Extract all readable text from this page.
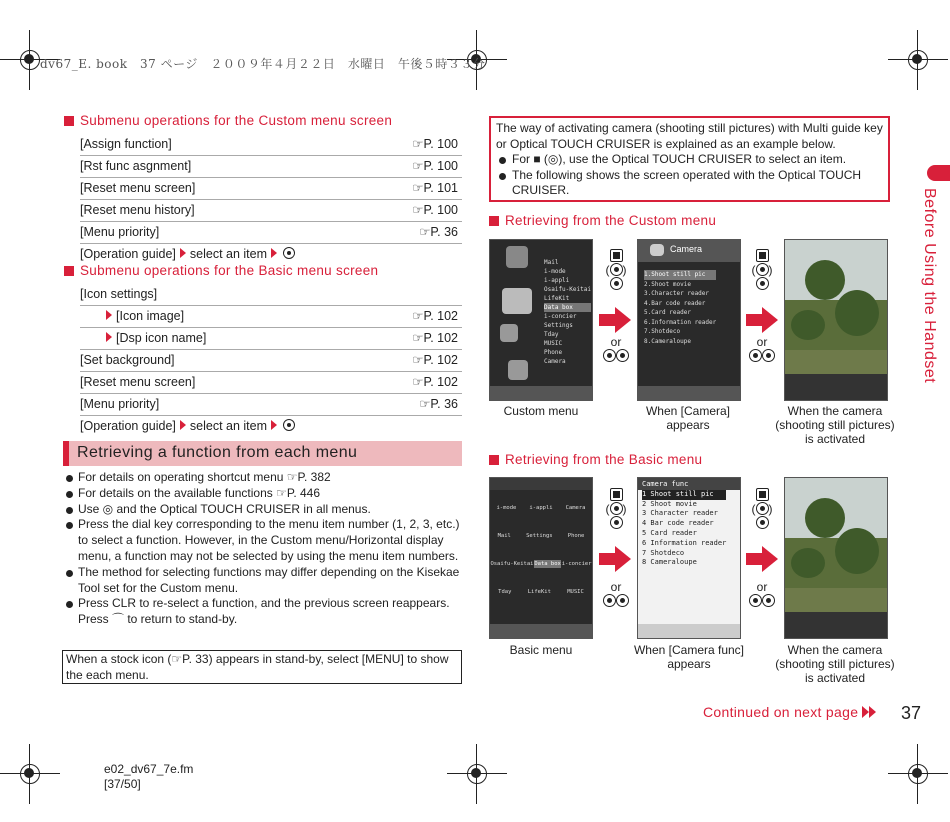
dv67_E. book　37 ページ　２００９年４月２２日　水曜日　午後５時３３分
Submenu operations for the Custom menu screen
[Assign function]	☞P. 100
[Rst func asgnment]	☞P. 100
[Reset menu screen]	☞P. 101
[Reset menu history]	☞P. 100
[Menu priority]	☞P. 36
[Operation guide] select an item
Submenu operations for the Basic menu screen
[Icon settings]
[Icon image]	☞P. 102
[Dsp icon name]	☞P. 102
[Set background]	☞P. 102
[Reset menu screen]	☞P. 102
[Menu priority]	☞P. 36
[Operation guide] select an item
Retrieving a function from each menu
For details on operating shortcut menu ☞P. 382
For details on the available functions ☞P. 446
Use ◎ and the Optical TOUCH CRUISER in all menus.
Press the dial key corresponding to the menu item number (1, 2, 3, etc.) to select a function. However, in the Custom menu/Horizontal display menu, a function may not be selected by using the menu item numbers.
The method for selecting functions may differ depending on the Kisekae Tool set for the Custom menu.
Press CLR to re-select a function, and the previous screen reappears. Press ⌒ to return to stand-by.
When a stock icon (☞P. 33) appears in stand-by, select [MENU] to show the each menu.
The way of activating camera (shooting still pictures) with Multi guide key or Optical TOUCH CRUISER is explained as an example below.
For ■ (◎), use the Optical TOUCH CRUISER to select an item.
The following shows the screen operated with the Optical TOUCH CRUISER.	Before Using the Handset
Retrieving from the Custom menu
Mail
i-mode
i-appli
Osaifu-Keitai
LifeKit
Data box
i-concier
Settings
Tday
MUSIC
Phone
Camera
Camera
1.Shoot still pic
2.Shoot movie
3.Character reader
4.Bar code reader
5.Card reader
6.Information reader
7.Shotdeco
8.Cameraloupe

( )

or

( )

or

Custom menu	When [Camera] appears
When the camera (shooting still pictures) is activated
Retrieving from the Basic menu
i-mode i-appli Camera
Mail	Settings	Phone
Osaifu-Keitai Data box i-concier
Tday	LifeKit	MUSIC
Camera func
1 Shoot still pic
2 Shoot movie
3 Character reader
4 Bar code reader
5 Card reader
6 Information reader
7 Shotdeco
8 Cameraloupe

( )

or

( )

or

Basic menu	When [Camera func] appears
When the camera (shooting still pictures) is activated
Continued on next page	37
e02_dv67_7e.fm
[37/50]
